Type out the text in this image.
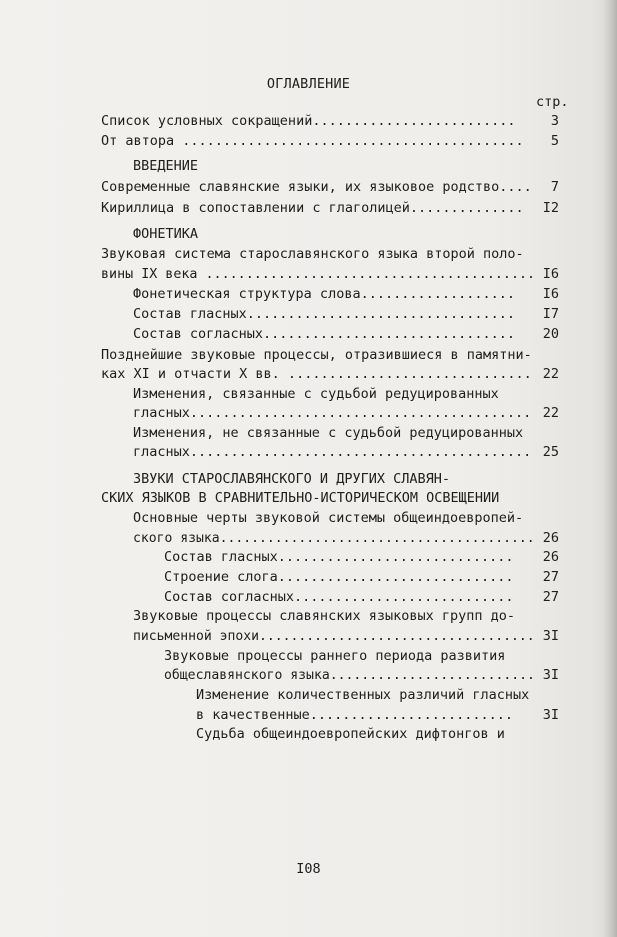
ОГЛАВЛЕНИЕ
стр.
Список условных сокращений.........................	3
От автора .......................................... 5
ВВЕДЕНИЕ
Современные славянские языки, их языковое родство.... 7
Кириллица в сопоставлении с глаголицей.............. I2
ФОНЕТИКА
Звуковая система старославянского языка второй поло-
вины IX века ......................................... I6
Фонетическая структура слова................... I6
Состав гласных................................. I7
Состав согласных............................... 20
Позднейшие звуковые процессы, отразившиеся в памятни-
ках XI и отчасти X вв. .............................. 22
Изменения, связанные с судьбой редуцированных
гласных.......................................... 22
Изменения, не связанные с судьбой редуцированных
гласных.......................................... 25
ЗВУКИ СТАРОСЛАВЯНСКОГО И ДРУГИХ СЛАВЯН-
СКИХ ЯЗЫКОВ В СРАВНИТЕЛЬНО-ИСТОРИЧЕСКОМ ОСВЕЩЕНИИ
Основные черты звуковой системы общеиндоевропей-
ского языка........................................ 26
Состав гласных............................. 26
Строение слога............................. 27
Состав согласных........................... 27
Звуковые процессы славянских языковых групп до-
письменной эпохи................................... 3I
Звуковые процессы раннего периода развития
общеславянского языка.......................... 3I
Изменение количественных различий гласных
в качественные......................... 3I
Судьба общеиндоевропейских дифтонгов и
I08
